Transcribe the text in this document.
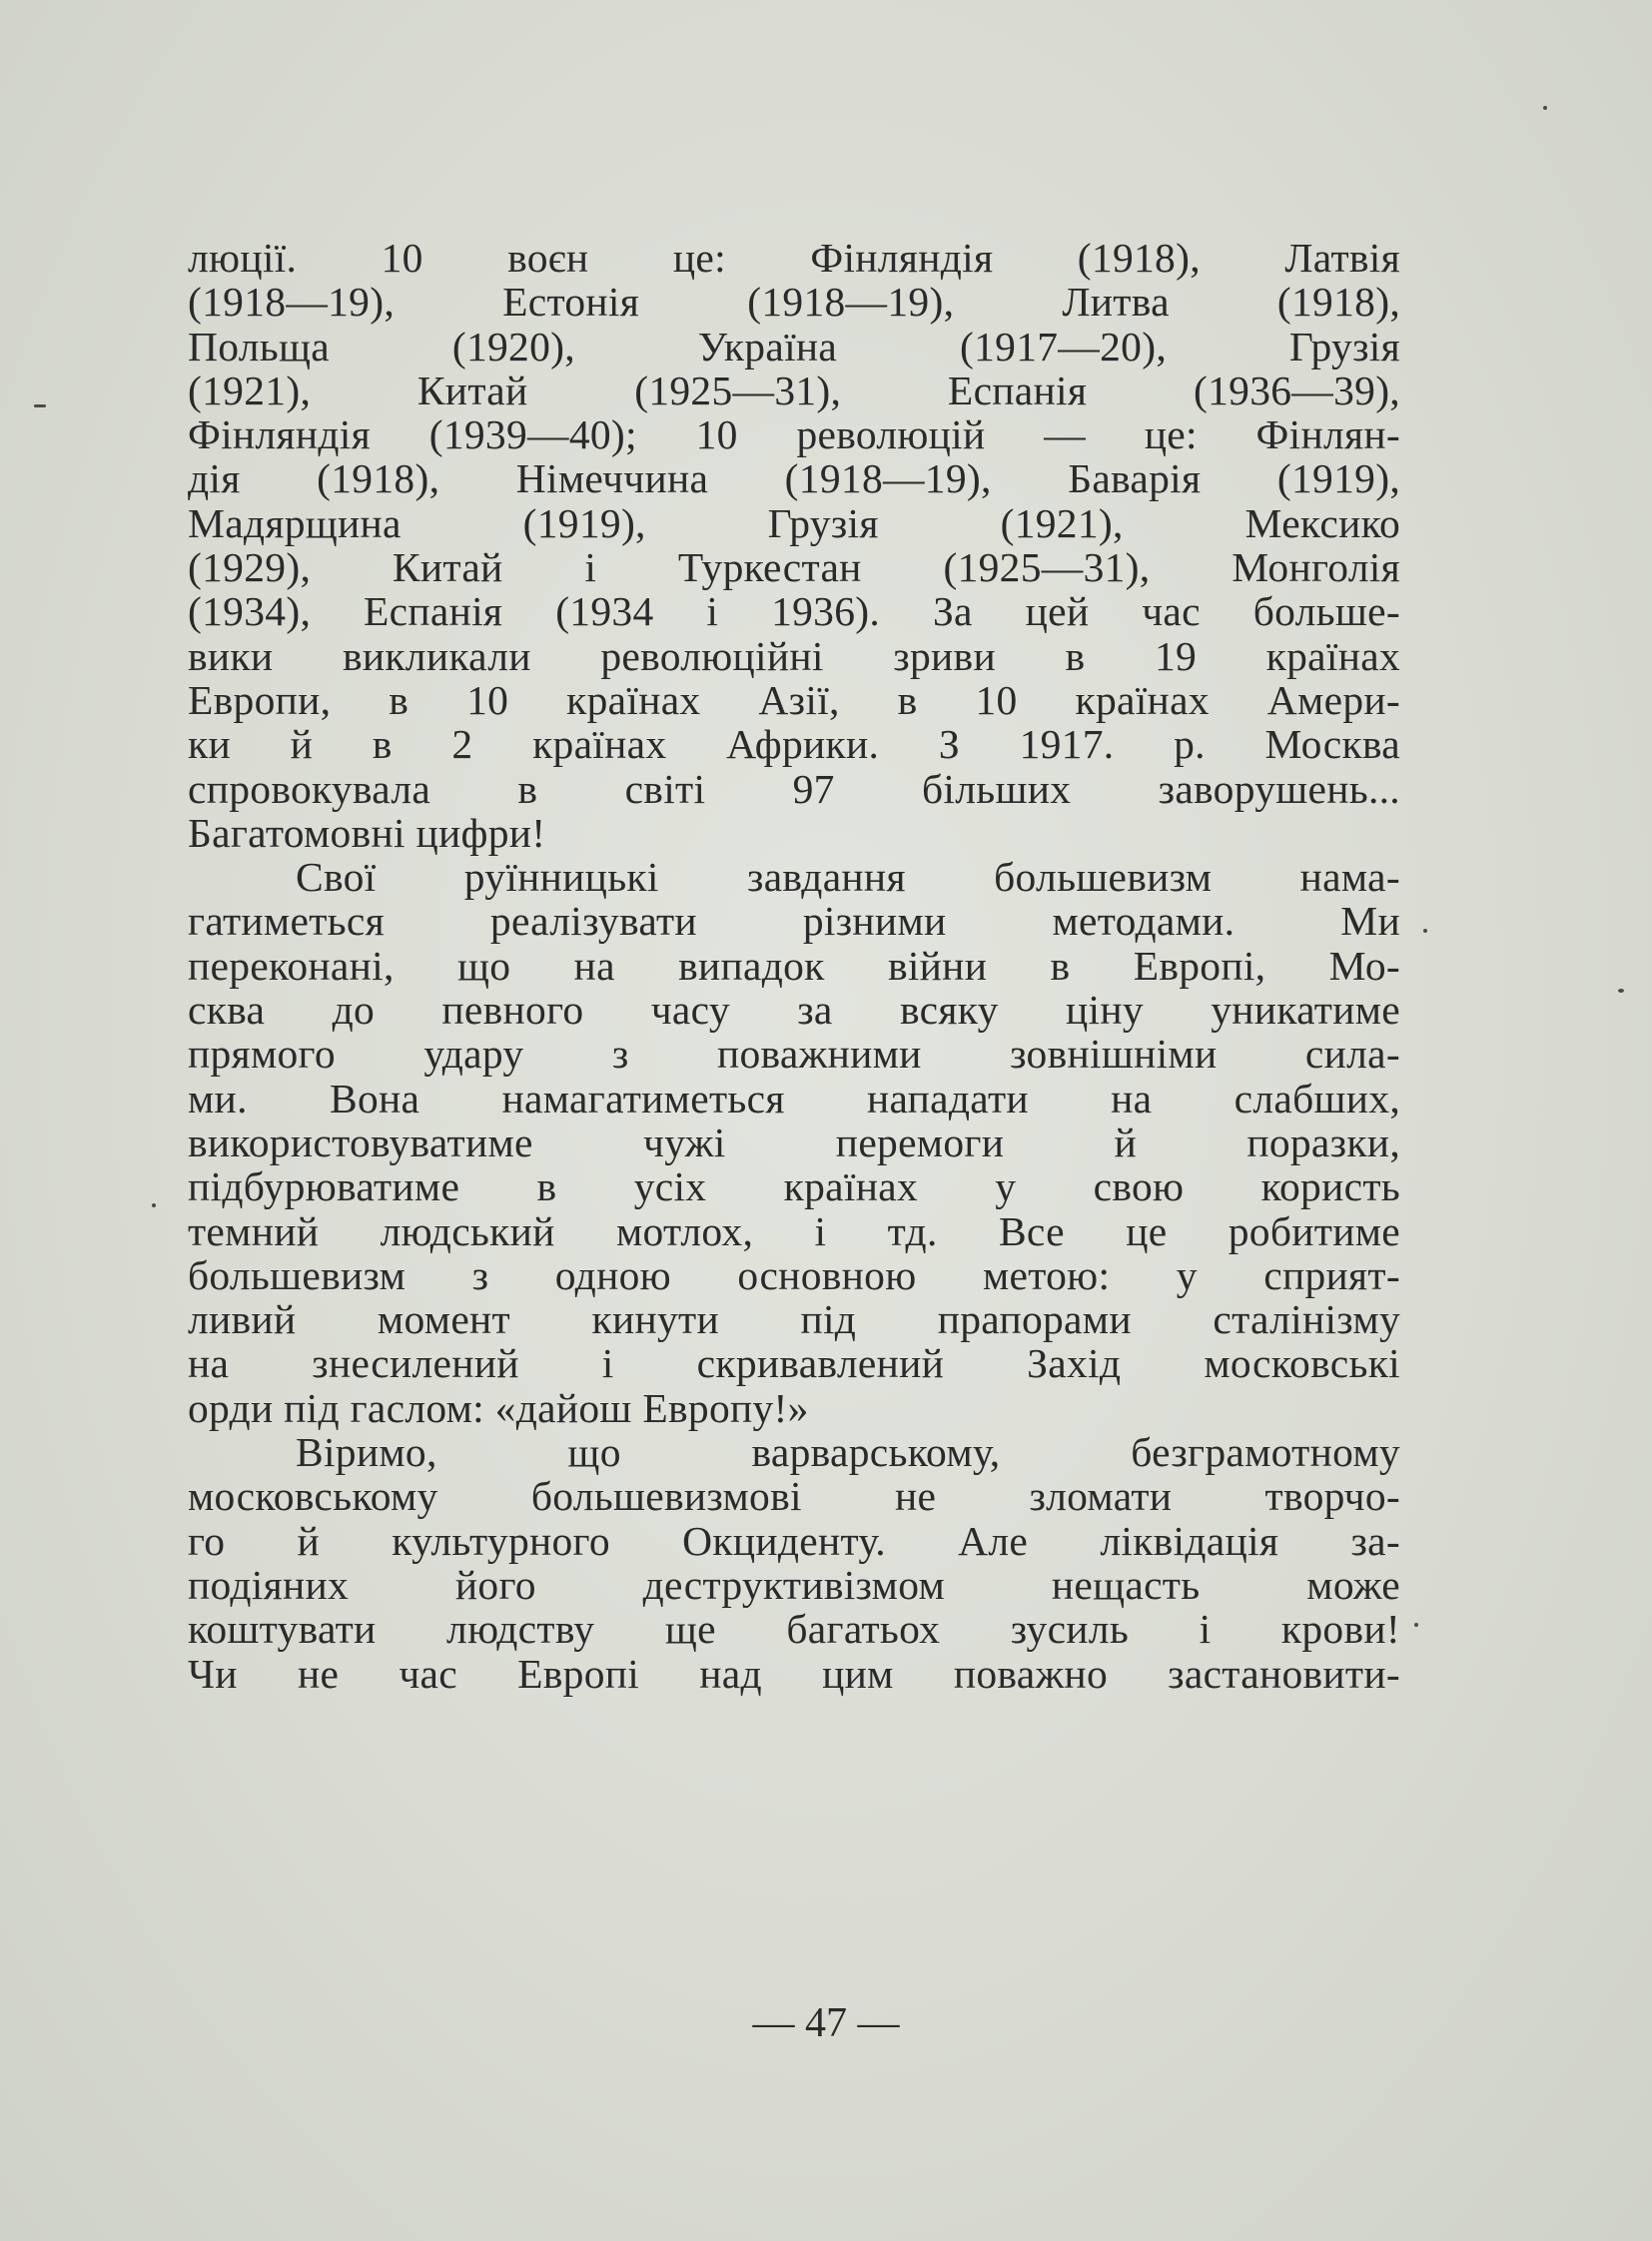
люції. 10 воєн це: Фінляндія (1918), Латвія
(1918—19), Естонія (1918—19), Литва (1918),
Польща (1920), Україна (1917—20), Грузія
(1921), Китай (1925—31), Еспанія (1936—39),
Фінляндія (1939—40); 10 революцій — це: Фінлян-
дія (1918), Німеччина (1918—19), Баварія (1919),
Мадярщина (1919), Грузія (1921), Мексико
(1929), Китай і Туркестан (1925—31), Монголія
(1934), Еспанія (1934 і 1936). За цей час больше-
вики викликали революційні зриви в 19 країнах
Европи, в 10 країнах Азії, в 10 країнах Амери-
ки й в 2 країнах Африки. З 1917. р. Москва
спровокувала в світі 97 більших заворушень...
Багатомовні цифри!
Свої руїнницькі завдання большевизм нама-
гатиметься реалізувати різними методами. Ми
переконані, що на випадок війни в Европі, Мо-
сква до певного часу за всяку ціну уникатиме
прямого удару з поважними зовнішніми сила-
ми. Вона намагатиметься нападати на слабших,
використовуватиме чужі перемоги й поразки,
підбурюватиме в усіх країнах у свою користь
темний людський мотлох, і тд. Все це робитиме
большевизм з одною основною метою: у сприят-
ливий момент кинути під прапорами сталінізму
на знесилений і скривавлений Захід московські
орди під гаслом: «дайош Европу!»
Віримо, що варварському, безграмотному
московському большевизмові не зломати творчо-
го й культурного Окциденту. Але ліквідація за-
подіяних його деструктивізмом нещасть може
коштувати людству ще багатьох зусиль і крови!
Чи не час Европі над цим поважно застановити-
— 47 —
